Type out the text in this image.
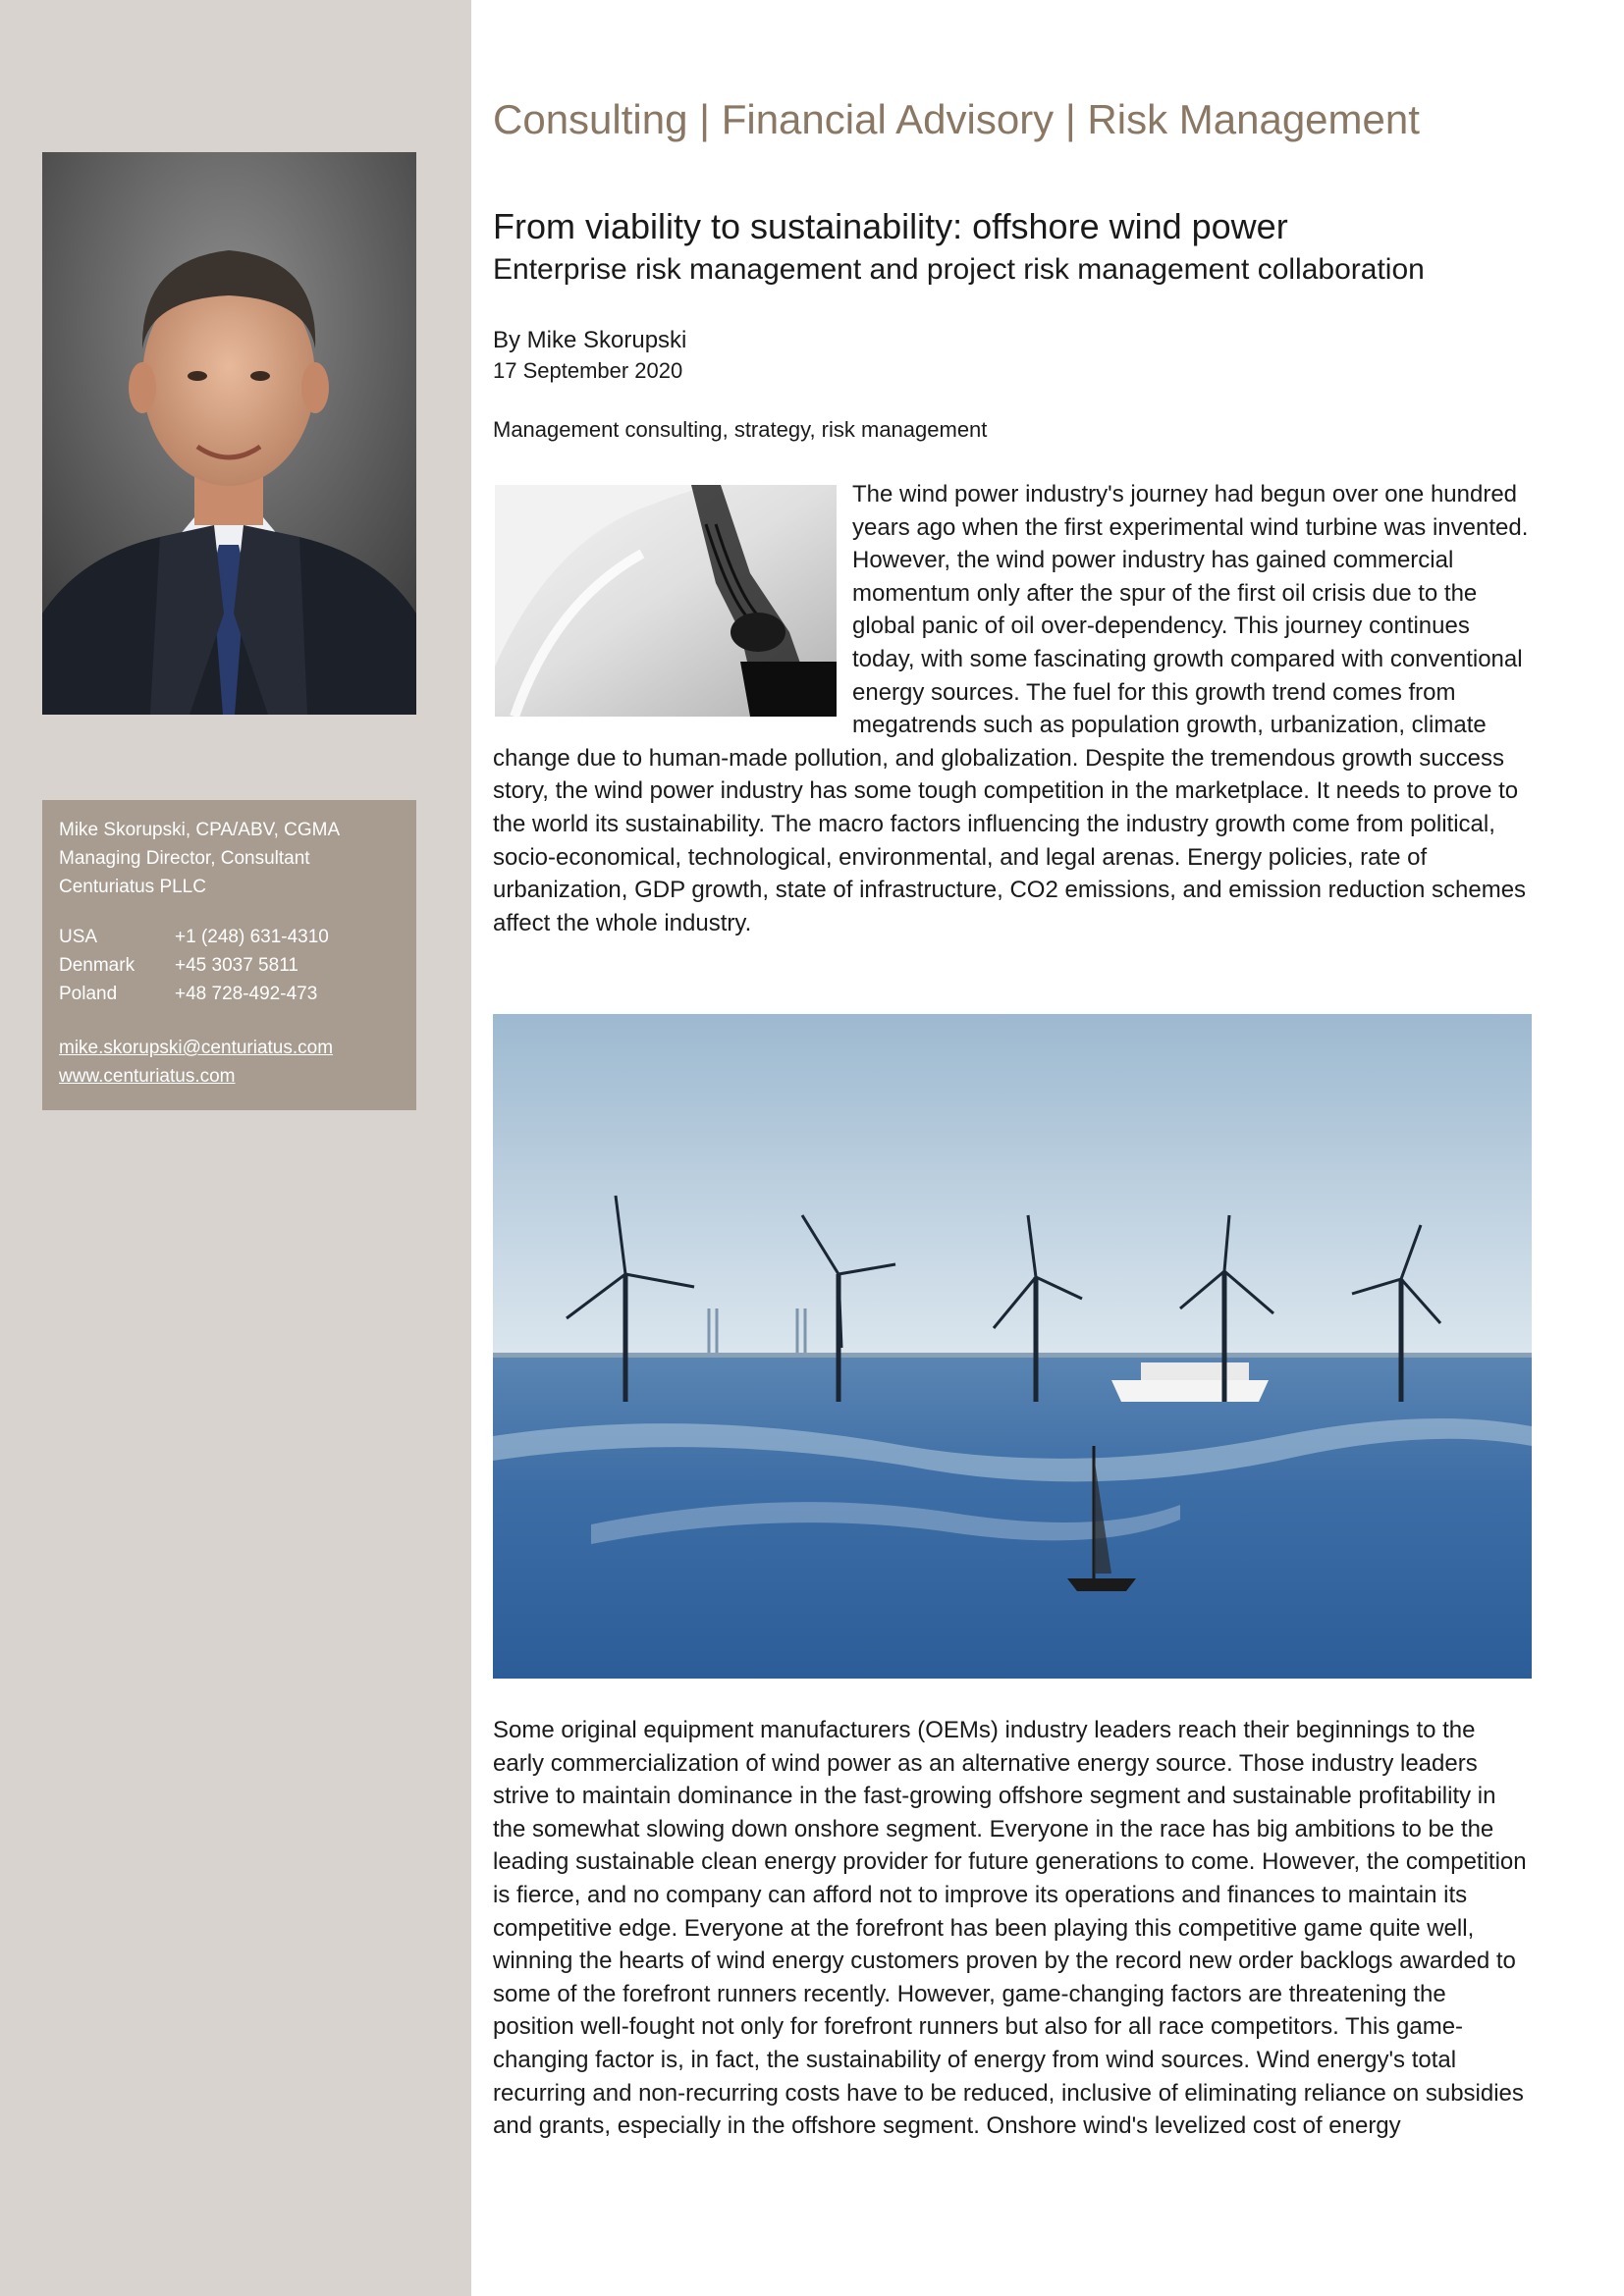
Mike Skorupski, CPA/ABV, CGMA
Managing Director, Consultant
Centuriatus PLLC
USA	+1 (248) 631-4310
Denmark	+45 3037 5811
Poland	+48 728-492-473
mike.skorupski@centuriatus.com
www.centuriatus.com
Consulting | Financial Advisory | Risk Management
From viability to sustainability: offshore wind power
Enterprise risk management and project risk management collaboration
By Mike Skorupski
17 September 2020
Management consulting, strategy, risk management
The wind power industry's journey had begun over one hundred years ago when the first experimental wind turbine was invented. However, the wind power industry has gained commercial momentum only after the spur of the first oil crisis due to the global panic of oil over-dependency. This journey continues today, with some fascinating growth compared with conventional energy sources. The fuel for this growth trend comes from megatrends such as population growth, urbanization, climate change due to human-made pollution, and globalization. Despite the tremendous growth success story, the wind power industry has some tough competition in the marketplace. It needs to prove to the world its sustainability. The macro factors influencing the industry growth come from political, socio-economical, technological, environmental, and legal arenas. Energy policies, rate of urbanization, GDP growth, state of infrastructure, CO2 emissions, and emission reduction schemes affect the whole industry.
Some original equipment manufacturers (OEMs) industry leaders reach their beginnings to the early commercialization of wind power as an alternative energy source. Those industry leaders strive to maintain dominance in the fast-growing offshore segment and sustainable profitability in the somewhat slowing down onshore segment. Everyone in the race has big ambitions to be the leading sustainable clean energy provider for future generations to come. However, the competition is fierce, and no company can afford not to improve its operations and finances to maintain its competitive edge. Everyone at the forefront has been playing this competitive game quite well, winning the hearts of wind energy customers proven by the record new order backlogs awarded to some of the forefront runners recently. However, game-changing factors are threatening the position well-fought not only for forefront runners but also for all race competitors. This game-changing factor is, in fact, the sustainability of energy from wind sources. Wind energy's total recurring and non-recurring costs have to be reduced, inclusive of eliminating reliance on subsidies and grants, especially in the offshore segment. Onshore wind's levelized cost of energy
